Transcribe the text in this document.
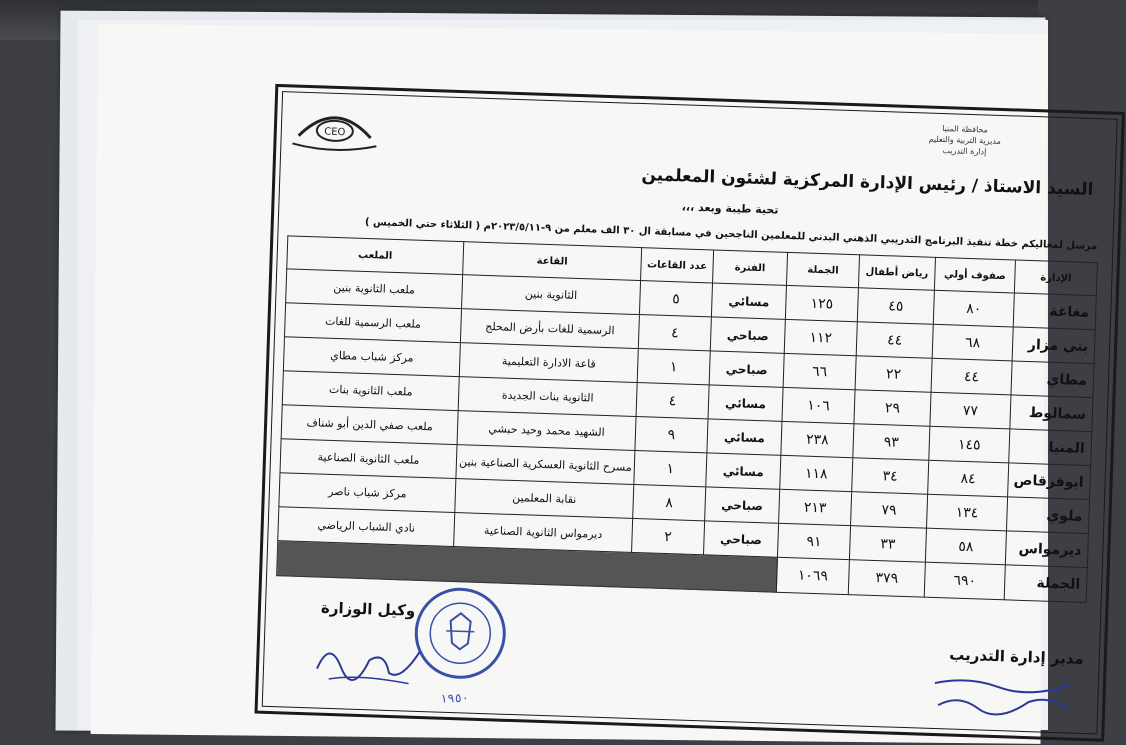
CEO	محافظة المنيا
مديرية التربية والتعليم
إدارة التدريب
السيد الاستاذ / رئيس الإدارة المركزية لشئون المعلمين
تحية طيبة وبعد ،،،
مرسل لمعاليكم خطة تنفيذ البرنامج التدريبي الذهني البدني للمعلمين الناجحين في مسابقة ال ٣٠ الف معلم من ٩-٢٠٢٣/٥/١١م ( الثلاثاء حتي الخميس )
الإدارة	صفوف أولي	رياض أطفال	الجملة	الفترة	عدد القاعات	القاعة	الملعب
مغاغة	٨٠	٤٥	١٢٥	مسائي	٥	الثانوية بنين	ملعب الثانوية بنين
بني مزار	٦٨	٤٤	١١٢	صباحي	٤	الرسمية للغات بأرض المحلج	ملعب الرسمية للغات
مطاي	٤٤	٢٢	٦٦	صباحي	١	قاعة الادارة التعليمية	مركز شباب مطاي
سمالوط	٧٧	٢٩	١٠٦	مسائي	٤	الثانوية بنات الجديدة	ملعب الثانوية بنات
المنيا	١٤٥	٩٣	٢٣٨	مسائي	٩	الشهيد محمد وحيد حبشي	ملعب صفي الدين أبو شناف
ابوقرقاص	٨٤	٣٤	١١٨	مسائي	١	مسرح الثانوية العسكرية الصناعية بنين	ملعب الثانوية الصناعية
ملوي	١٣٤	٧٩	٢١٣	صباحي	٨	نقابة المعلمين	مركز شباب ناصر
ديرمواس	٥٨	٣٣	٩١	صباحي	٢	ديرمواس الثانوية الصناعية	نادي الشباب الرياضي
الجملة	٦٩٠	٣٧٩	١٠٦٩				
وكيل الوزارة
مدير إدارة التدريب
١٩٥٠
